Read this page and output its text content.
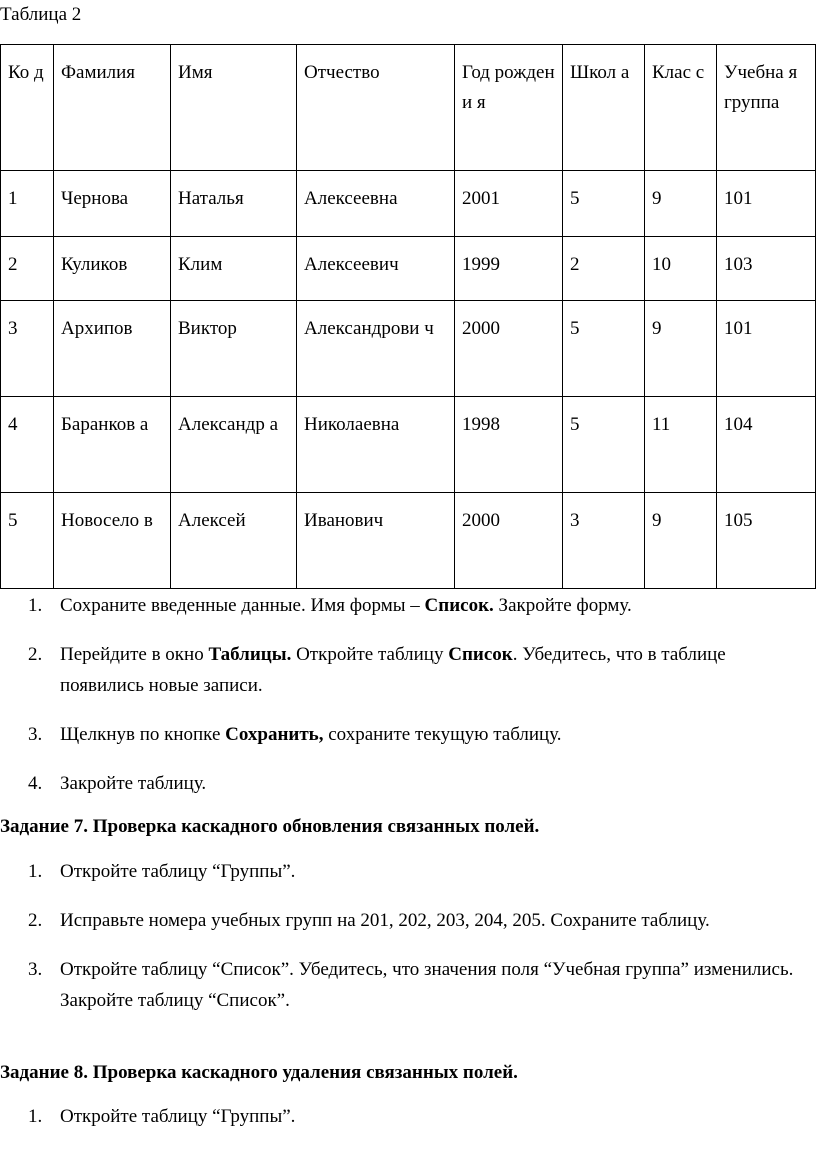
Таблица 2
Ко д	Фамилия	Имя	Отчество	Год рождени я	Школ а	Клас с	Учебна я группа
1	Чернова	Наталья	Алексеевна	2001	5	9	101
2	Куликов	Клим	Алексеевич	1999	2	10	103
3	Архипов	Виктор	Александрови ч	2000	5	9	101
4	Баранков а	Александр а	Николаевна	1998	5	11	104
5	Новосело в	Алексей	Иванович	2000	3	9	105
1. Сохраните введенные данные. Имя формы – Список. Закройте форму.
2. Перейдите в окно Таблицы. Откройте таблицу Список. Убедитесь, что в таблице появились новые записи.
3. Щелкнув по кнопке Сохранить, сохраните текущую таблицу.
4. Закройте таблицу.
Задание 7. Проверка каскадного обновления связанных полей.
1. Откройте таблицу “Группы”.
2. Исправьте номера учебных групп на 201, 202, 203, 204, 205. Сохраните таблицу.
3. Откройте таблицу “Список”. Убедитесь, что значения поля “Учебная группа” изменились. Закройте таблицу “Список”.
Задание 8. Проверка каскадного удаления связанных полей.
1. Откройте таблицу “Группы”.
